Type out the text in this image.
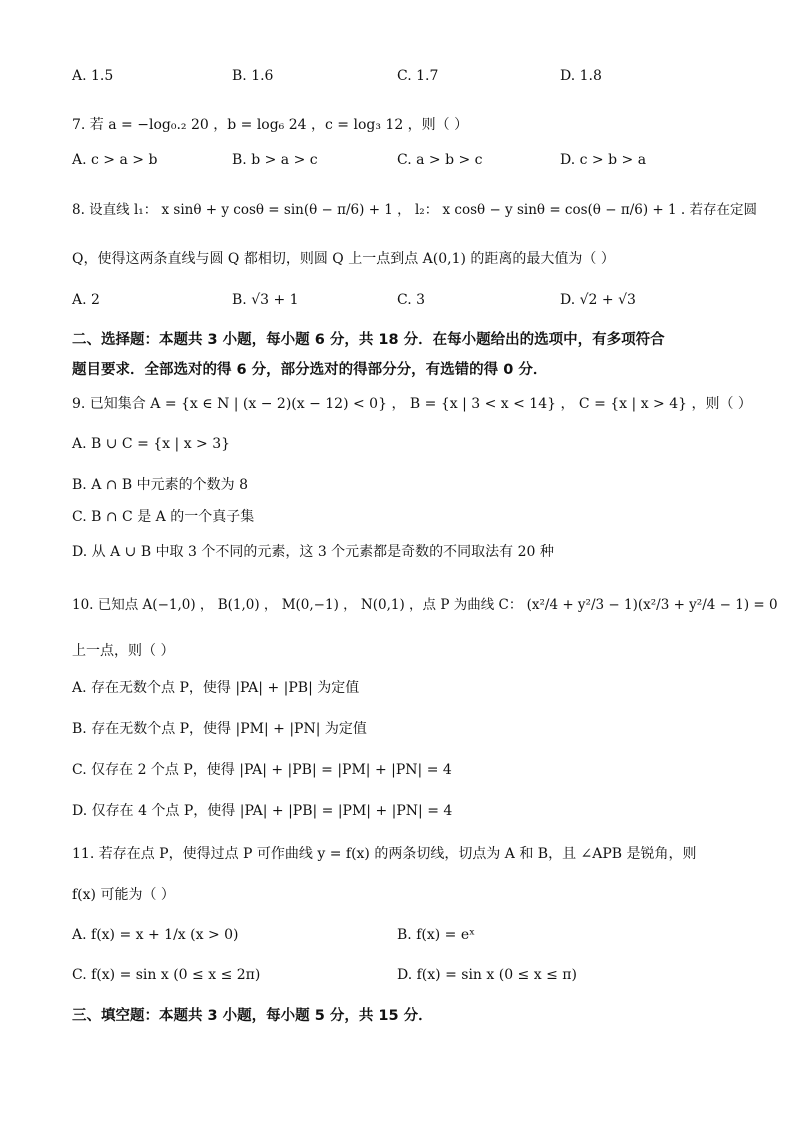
A. 1.5	B. 1.6	C. 1.7	D. 1.8
7. 若 a = −log₀.₂ 20 ，b = log₆ 24 ，c = log₃ 12 ，则（ ）
A. c > a > b	B. b > a > c	C. a > b > c	D. c > b > a
8. 设直线 l₁： x sinθ + y cosθ = sin(θ − π/6) + 1 ， l₂： x cosθ − y sinθ = cos(θ − π/6) + 1 . 若存在定圆
Q，使得这两条直线与圆 Q 都相切，则圆 Q 上一点到点 A(0,1) 的距离的最大值为（ ）
A. 2	B. √3 + 1	C. 3	D. √2 + √3
二、选择题：本题共 3 小题，每小题 6 分，共 18 分．在每小题给出的选项中，有多项符合
题目要求．全部选对的得 6 分，部分选对的得部分分，有选错的得 0 分．
9. 已知集合 A = {x ∈ N | (x − 2)(x − 12) < 0} ， B = {x | 3 < x < 14} ， C = {x | x > 4} ，则（ ）
A. B ∪ C = {x | x > 3}
B. A ∩ B 中元素的个数为 8
C. B ∩ C 是 A 的一个真子集
D. 从 A ∪ B 中取 3 个不同的元素，这 3 个元素都是奇数的不同取法有 20 种
10. 已知点 A(−1,0) ， B(1,0) ， M(0,−1) ， N(0,1) ，点 P 为曲线 C： (x²/4 + y²/3 − 1)(x²/3 + y²/4 − 1) = 0
上一点，则（ ）
A. 存在无数个点 P，使得 |PA| + |PB| 为定值
B. 存在无数个点 P，使得 |PM| + |PN| 为定值
C. 仅存在 2 个点 P，使得 |PA| + |PB| = |PM| + |PN| = 4
D. 仅存在 4 个点 P，使得 |PA| + |PB| = |PM| + |PN| = 4
11. 若存在点 P，使得过点 P 可作曲线 y = f(x) 的两条切线，切点为 A 和 B，且 ∠APB 是锐角，则
f(x) 可能为（ ）
A. f(x) = x + 1/x (x > 0)	B. f(x) = eˣ
C. f(x) = sin x (0 ≤ x ≤ 2π)	D. f(x) = sin x (0 ≤ x ≤ π)
三、填空题：本题共 3 小题，每小题 5 分，共 15 分．
